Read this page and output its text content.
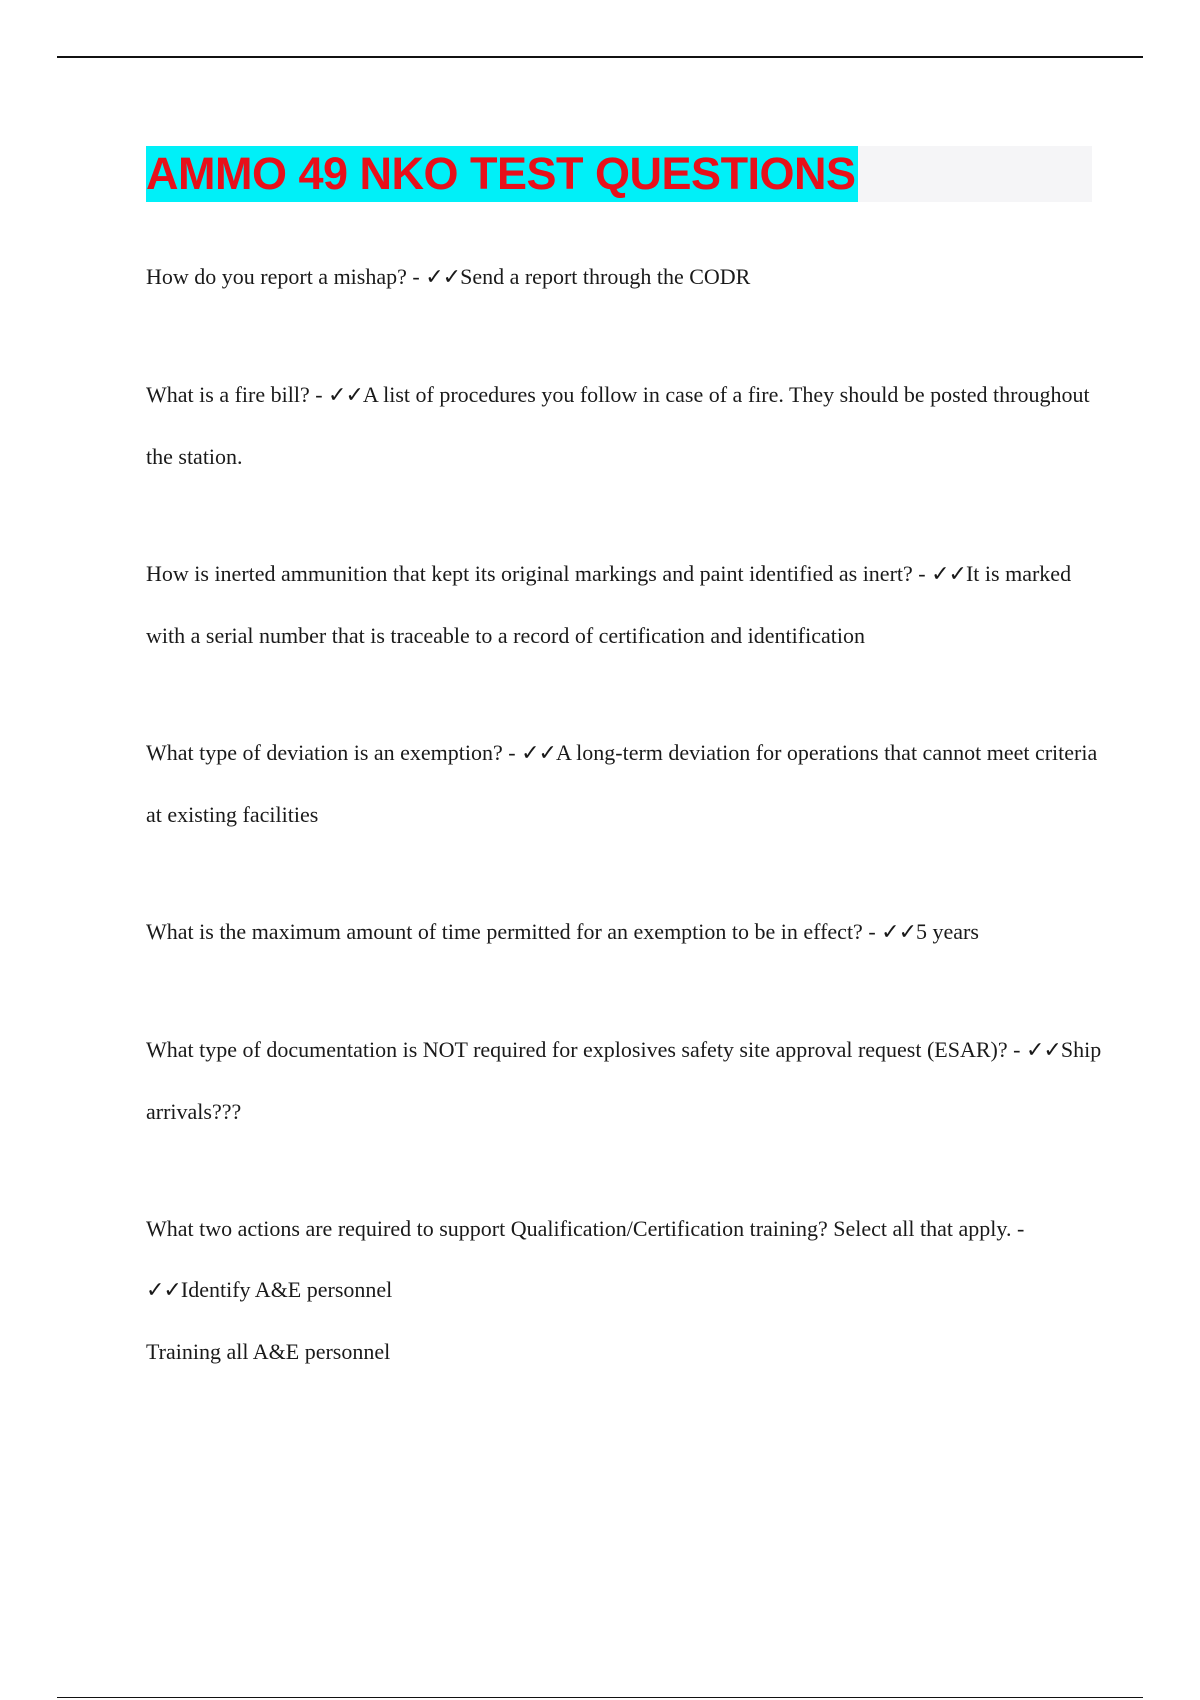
AMMO 49 NKO TEST QUESTIONS

How do you report a mishap? - ✓✓Send a report through the CODR

What is a fire bill? - ✓✓A list of procedures you follow in case of a fire. They should be posted throughout the station.

How is inerted ammunition that kept its original markings and paint identified as inert? - ✓✓It is marked with a serial number that is traceable to a record of certification and identification

What type of deviation is an exemption? - ✓✓A long-term deviation for operations that cannot meet criteria at existing facilities

What is the maximum amount of time permitted for an exemption to be in effect? - ✓✓5 years

What type of documentation is NOT required for explosives safety site approval request (ESAR)? - ✓✓Ship arrivals???

What two actions are required to support Qualification/Certification training? Select all that apply. - ✓✓Identify A&E personnel
Training all A&E personnel
